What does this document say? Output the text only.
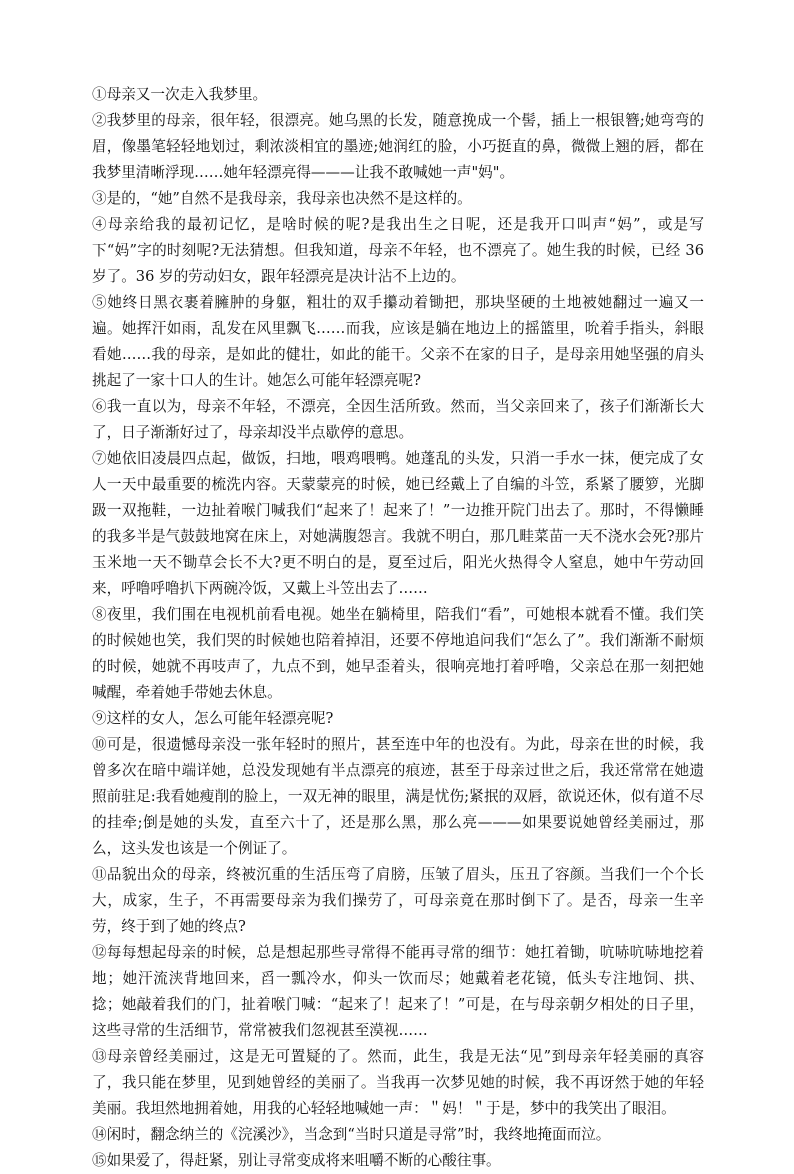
①母亲又一次走入我梦里。

②我梦里的母亲，很年轻，很漂亮。她乌黑的长发，随意挽成一个髻，插上一根银簪;她弯弯的眉，像墨笔轻轻地划过，剩浓淡相宜的墨迹;她润红的脸，小巧挺直的鼻，微微上翘的唇，都在我梦里清晰浮现……她年轻漂亮得———让我不敢喊她一声"妈"。

③是的，“她”自然不是我母亲，我母亲也决然不是这样的。

④母亲给我的最初记忆，是啥时候的呢?是我出生之日呢，还是我开口叫声“妈”，或是写下“妈”字的时刻呢?无法猜想。但我知道，母亲不年轻，也不漂亮了。她生我的时候，已经 36 岁了。36 岁的劳动妇女，跟年轻漂亮是决计沾不上边的。

⑤她终日黑衣裹着臃肿的身躯，粗壮的双手攥动着锄把，那块坚硬的土地被她翻过一遍又一遍。她挥汗如雨，乱发在风里飘飞……而我，应该是躺在地边上的摇篮里，吮着手指头，斜眼看她……我的母亲，是如此的健壮，如此的能干。父亲不在家的日子，是母亲用她坚强的肩头挑起了一家十口人的生计。她怎么可能年轻漂亮呢?

⑥我一直以为，母亲不年轻，不漂亮，全因生活所致。然而，当父亲回来了，孩子们渐渐长大了，日子渐渐好过了，母亲却没半点歇停的意思。

⑦她依旧凌晨四点起，做饭，扫地，喂鸡喂鸭。她蓬乱的头发，只消一手水一抹，便完成了女人一天中最重要的梳洗内容。天蒙蒙亮的时候，她已经戴上了自编的斗笠，系紧了腰箩，光脚趿一双拖鞋，一边扯着喉门喊我们“起来了！起来了！”一边推开院门出去了。那时，不得懒睡的我多半是气鼓鼓地窝在床上，对她满腹怨言。我就不明白，那几畦菜苗一天不浇水会死?那片玉米地一天不锄草会长不大?更不明白的是，夏至过后，阳光火热得令人窒息，她中午劳动回来，呼噜呼噜扒下两碗冷饭，又戴上斗笠出去了……

⑧夜里，我们围在电视机前看电视。她坐在躺椅里，陪我们“看”，可她根本就看不懂。我们笑的时候她也笑，我们哭的时候她也陪着掉泪，还要不停地追问我们“怎么了”。我们渐渐不耐烦的时候，她就不再吱声了，九点不到，她早歪着头，很响亮地打着呼噜，父亲总在那一刻把她喊醒，牵着她手带她去休息。

⑨这样的女人，怎么可能年轻漂亮呢?

⑩可是，很遗憾母亲没一张年轻时的照片，甚至连中年的也没有。为此，母亲在世的时候，我曾多次在暗中端详她，总没发现她有半点漂亮的痕迹，甚至于母亲过世之后，我还常常在她遗照前驻足:我看她瘦削的脸上，一双无神的眼里，满是忧伤;紧抿的双唇，欲说还休，似有道不尽的挂牵;倒是她的头发，直至六十了，还是那么黑，那么亮———如果要说她曾经美丽过，那么，这头发也该是一个例证了。

⑪品貌出众的母亲，终被沉重的生活压弯了肩膀，压皱了眉头，压丑了容颜。当我们一个个长大，成家，生子，不再需要母亲为我们操劳了，可母亲竟在那时倒下了。是否，母亲一生辛劳，终于到了她的终点?

⑫每每想起母亲的时候，总是想起那些寻常得不能再寻常的细节：她扛着锄，吭哧吭哧地挖着地；她汗流浃背地回来，舀一瓢冷水，仰头一饮而尽；她戴着老花镜，低头专注地饲、拱、捻；她敲着我们的门，扯着喉门喊：“起来了！起来了！”可是，在与母亲朝夕相处的日子里，这些寻常的生活细节，常常被我们忽视甚至漠视……

⑬母亲曾经美丽过，这是无可置疑的了。然而，此生，我是无法“见”到母亲年轻美丽的真容了，我只能在梦里，见到她曾经的美丽了。当我再一次梦见她的时候，我不再讶然于她的年轻美丽。我坦然地拥着她，用我的心轻轻地喊她一声：＂妈！＂于是，梦中的我笑出了眼泪。

⑭闲时，翻念纳兰的《浣溪沙》，当念到“当时只道是寻常”时，我终地掩面而泣。

⑮如果爱了，得赶紧，别让寻常变成将来咀嚼不断的心酸往事。
